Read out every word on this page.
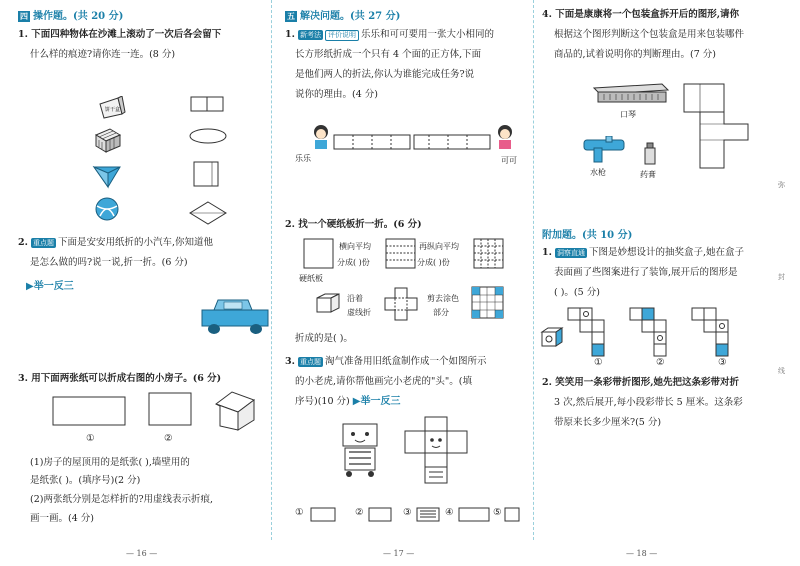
四 操作题。(共 20 分)
1. 下面四种物体在沙滩上滚动了一次后各会留下
什么样的痕迹?请你连一连。(8 分)
饼干盒
2. 重点题 下面是安安用纸折的小汽车,你知道他
是怎么做的吗?说一说,折一折。(6 分)
▶举一反三
3. 用下面两张纸可以折成右图的小房子。(6 分)
①	②
(1)房子的屋顶用的是纸张( ),墙壁用的
是纸张( )。(填序号)(2 分)
(2)两张纸分别是怎样折的?用虚线表示折痕,
画一画。(4 分)
— 16 —
五 解决问题。(共 27 分)
1. 新考法 评价说明 乐乐和可可要用一张大小相同的
长方形纸折成一个只有 4 个面的正方体,下面
是他们两人的折法,你认为谁能完成任务?说
说你的理由。(4 分)
乐乐	可可
2. 找一个硬纸板折一折。(6 分)
横向平均
分成( )份
再纵向平均
分成( )份
硬纸板
沿着
虚线折
剪去涂色
部分
折成的是( )。
3. 重点题 淘气准备用旧纸盒制作成一个如图所示
的小老虎,请你帮他画完小老虎的"头"。(填
序号)(10 分) ▶举一反三
①	②	③	④	⑤
— 17 —
4. 下面是康康将一个包装盒拆开后的图形,请你
根据这个图形判断这个包装盒是用来包装哪件
商品的,试着说明你的判断理由。(7 分)
口琴
水枪	药膏
弥
封
线
附加题。(共 10 分)
1. 洞察直通 下图是妙想设计的抽奖盒子,她在盒子
表面画了些图案进行了装饰,展开后的图形是
( )。(5 分)
①	②	③
2. 笑笑用一条彩带折图形,她先把这条彩带对折
3 次,然后展开,每小段彩带长 5 厘米。这条彩
带原来长多少厘米?(5 分)
— 18 —
